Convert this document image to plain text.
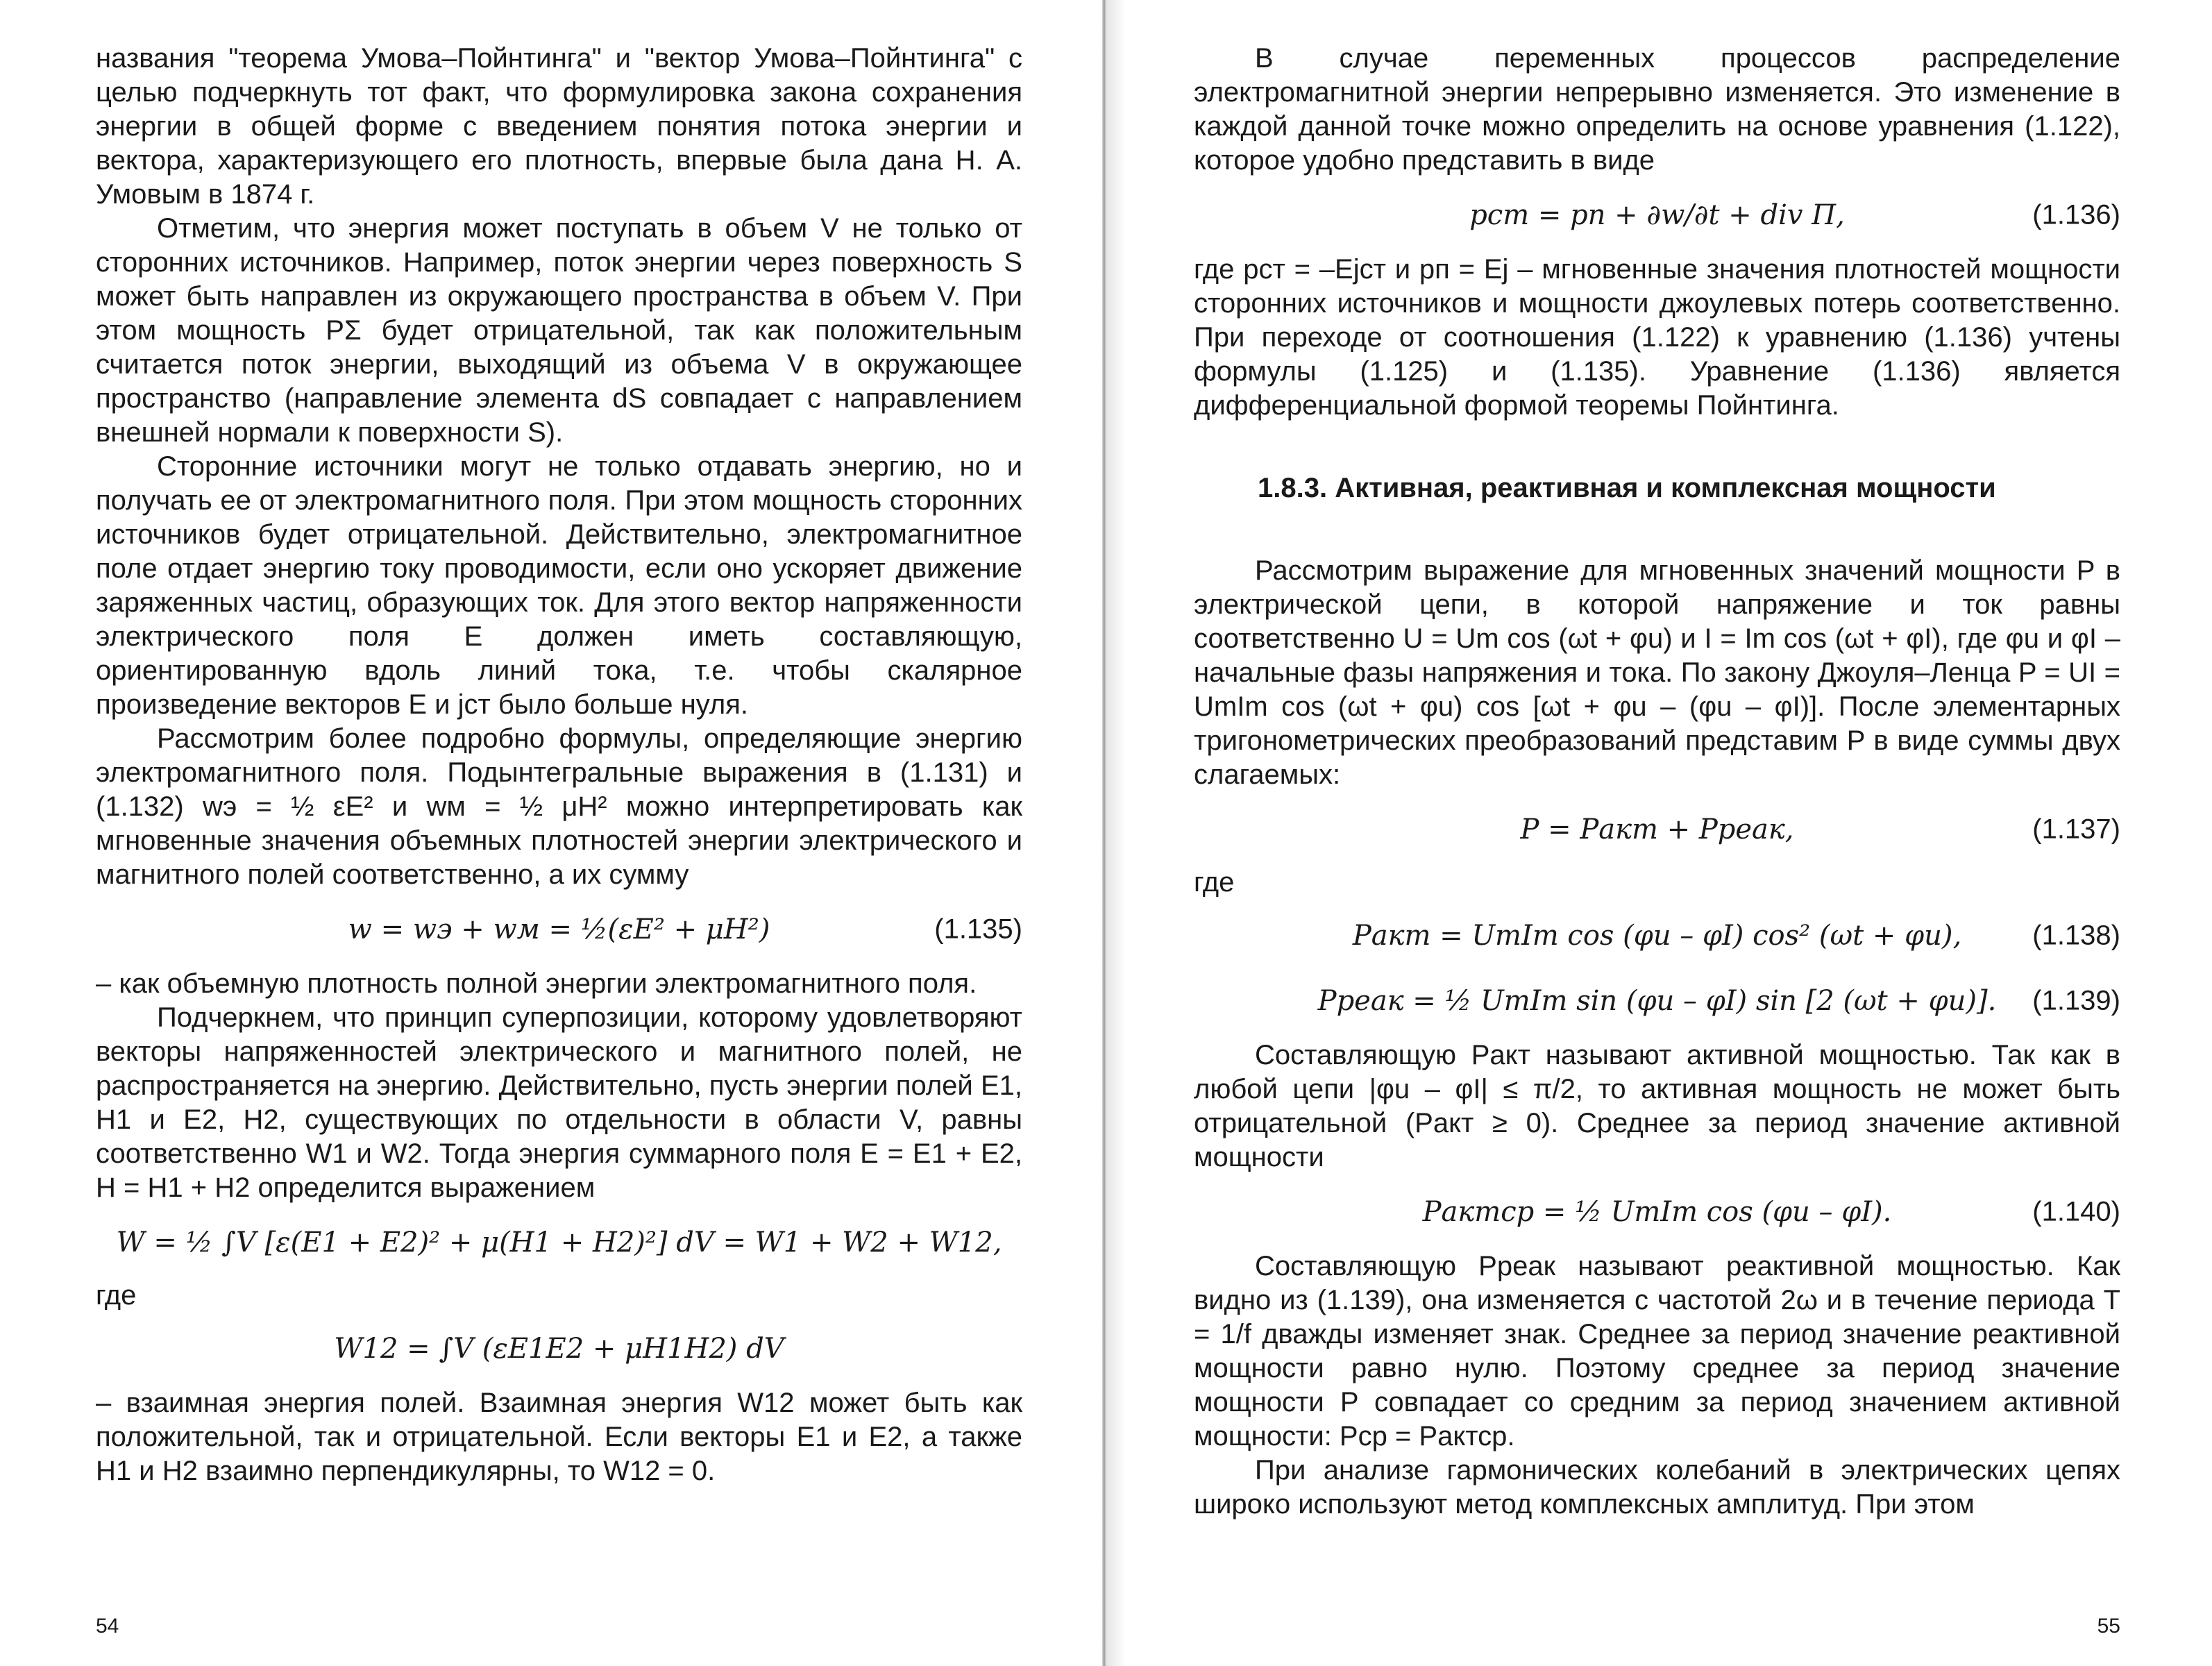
названия "теорема Умова–Пойнтинга" и "вектор Умова–Пойнтинга" с целью подчеркнуть тот факт, что формулировка закона сохранения энергии в общей форме с введением понятия потока энергии и вектора, характеризующего его плотность, впервые была дана Н. А. Умовым в 1874 г.

Отметим, что энергия может поступать в объем V не только от сторонних источников. Например, поток энергии через поверхность S может быть направлен из окружающего пространства в объем V. При этом мощность PΣ будет отрицательной, так как положительным считается поток энергии, выходящий из объема V в окружающее пространство (направление элемента dS совпадает с направлением внешней нормали к поверхности S).

Сторонние источники могут не только отдавать энергию, но и получать ее от электромагнитного поля. При этом мощность сторонних источников будет отрицательной. Действительно, электромагнитное поле отдает энергию току проводимости, если оно ускоряет движение заряженных частиц, образующих ток. Для этого вектор напряженности электрического поля E должен иметь составляющую, ориентированную вдоль линий тока, т.е. чтобы скалярное произведение векторов E и jст было больше нуля.

Рассмотрим более подробно формулы, определяющие энергию электромагнитного поля. Подынтегральные выражения в (1.131) и (1.132) wэ = ½ εE² и wм = ½ μH² можно интерпретировать как мгновенные значения объемных плотностей энергии электрического и магнитного полей соответственно, а их сумму

w = wэ + wм = ½(εE² + μH²)	(1.135)

– как объемную плотность полной энергии электромагнитного поля.

Подчеркнем, что принцип суперпозиции, которому удовлетворяют векторы напряженностей электрического и магнитного полей, не распространяется на энергию. Действительно, пусть энергии полей E1, H1 и E2, H2, существующих по отдельности в области V, равны соответственно W1 и W2. Тогда энергия суммарного поля E = E1 + E2, H = H1 + H2 определится выражением

W = ½ ∫V [ε(E1 + E2)² + μ(H1 + H2)²] dV = W1 + W2 + W12,
где
W12 = ∫V (εE1E2 + μH1H2) dV

– взаимная энергия полей. Взаимная энергия W12 может быть как положительной, так и отрицательной. Если векторы E1 и E2, а также H1 и H2 взаимно перпендикулярны, то W12 = 0.

54

В случае переменных процессов распределение электромагнитной энергии непрерывно изменяется. Это изменение в каждой данной точке можно определить на основе уравнения (1.122), которое удобно представить в виде

pст = pп + ∂w/∂t + div П,	(1.136)

где pст = –Ejст и pп = Ej – мгновенные значения плотностей мощности сторонних источников и мощности джоулевых потерь соответственно. При переходе от соотношения (1.122) к уравнению (1.136) учтены формулы (1.125) и (1.135). Уравнение (1.136) является дифференциальной формой теоремы Пойнтинга.

1.8.3. Активная, реактивная и комплексная мощности

Рассмотрим выражение для мгновенных значений мощности P в электрической цепи, в которой напряжение и ток равны соответственно U = Um cos (ωt + φu) и I = Im cos (ωt + φI), где φu и φI – начальные фазы напряжения и тока. По закону Джоуля–Ленца P = UI = UmIm cos (ωt + φu) cos [ωt + φu – (φu – φI)]. После элементарных тригонометрических преобразований представим P в виде суммы двух слагаемых:

P = Pакт + Pреак,	(1.137)
где
Pакт = UmIm cos (φu – φI) cos² (ωt + φu),	(1.138)
Pреак = ½ UmIm sin (φu – φI) sin [2 (ωt + φu)]. (1.139)

Составляющую Pакт называют активной мощностью. Так как в любой цепи |φu – φI| ≤ π/2, то активная мощность не может быть отрицательной (Pакт ≥ 0). Среднее за период значение активной мощности

Pактср = ½ UmIm cos (φu – φI).	(1.140)

Составляющую Pреак называют реактивной мощностью. Как видно из (1.139), она изменяется с частотой 2ω и в течение периода T = 1/f дважды изменяет знак. Среднее за период значение реактивной мощности равно нулю. Поэтому среднее за период значение мощности P совпадает со средним за период значением активной мощности: Pср = Pактср.

При анализе гармонических колебаний в электрических цепях широко используют метод комплексных амплитуд. При этом

55
